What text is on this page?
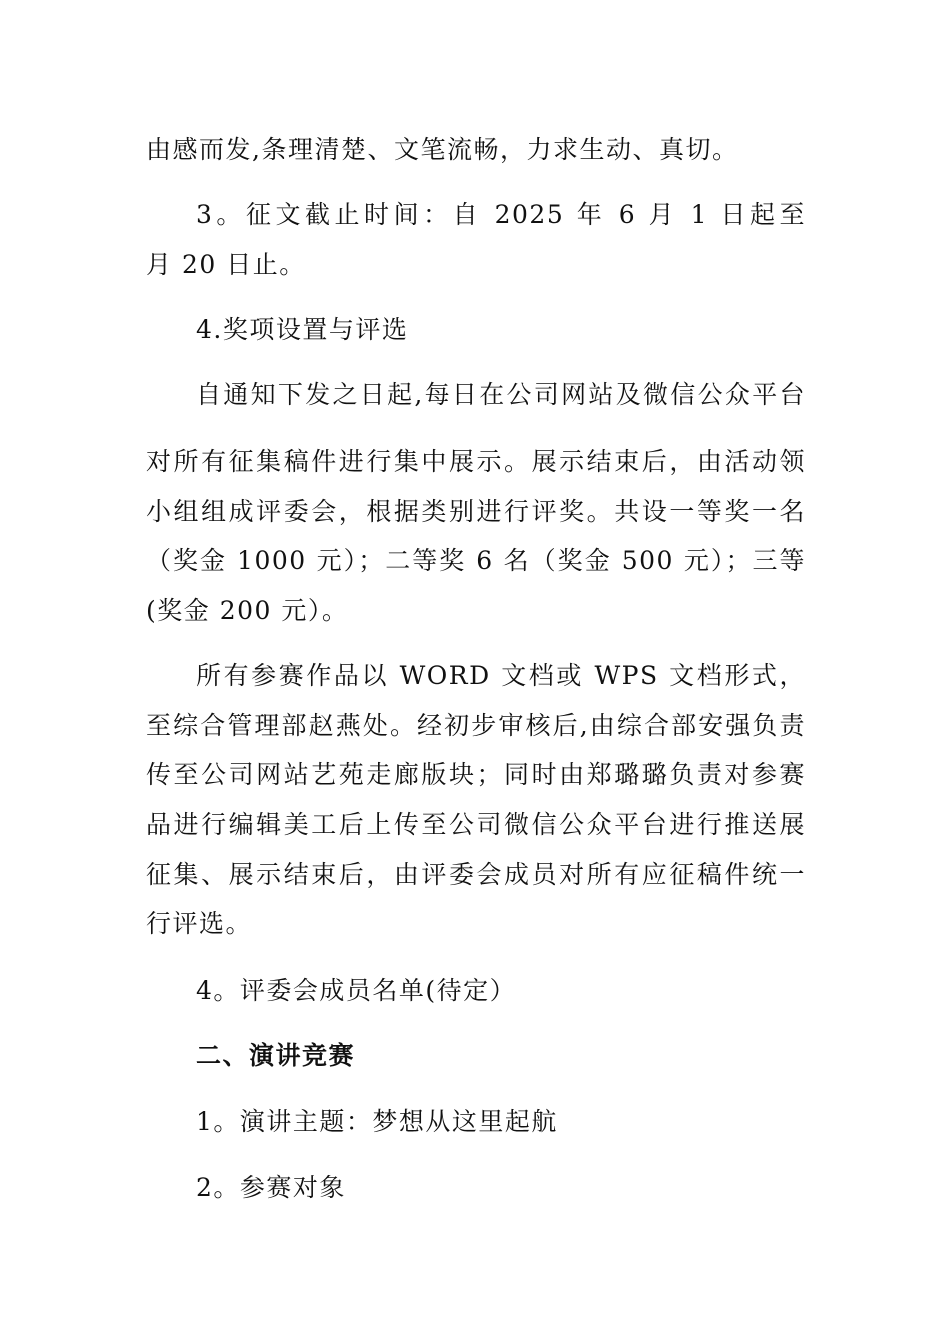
由感而发,条理清楚、文笔流畅，力求生动、真切。
3。征文截止时间：自 2025 年 6 月 1 日起至
月 20 日止。
4.奖项设置与评选
自通知下发之日起,每日在公司网站及微信公众平台
对所有征集稿件进行集中展示。展示结束后，由活动领
小组组成评委会，根据类别进行评奖。共设一等奖一名
（奖金 1000 元）；二等奖 6 名（奖金 500 元）；三等
(奖金 200 元）。
所有参赛作品以 WORD 文档或 WPS 文档形式，
至综合管理部赵燕处。经初步审核后,由综合部安强负责
传至公司网站艺苑走廊版块；同时由郑璐璐负责对参赛
品进行编辑美工后上传至公司微信公众平台进行推送展
征集、展示结束后，由评委会成员对所有应征稿件统一
行评选。
4。评委会成员名单(待定）
二、演讲竞赛
1。演讲主题：梦想从这里起航
2。参赛对象
